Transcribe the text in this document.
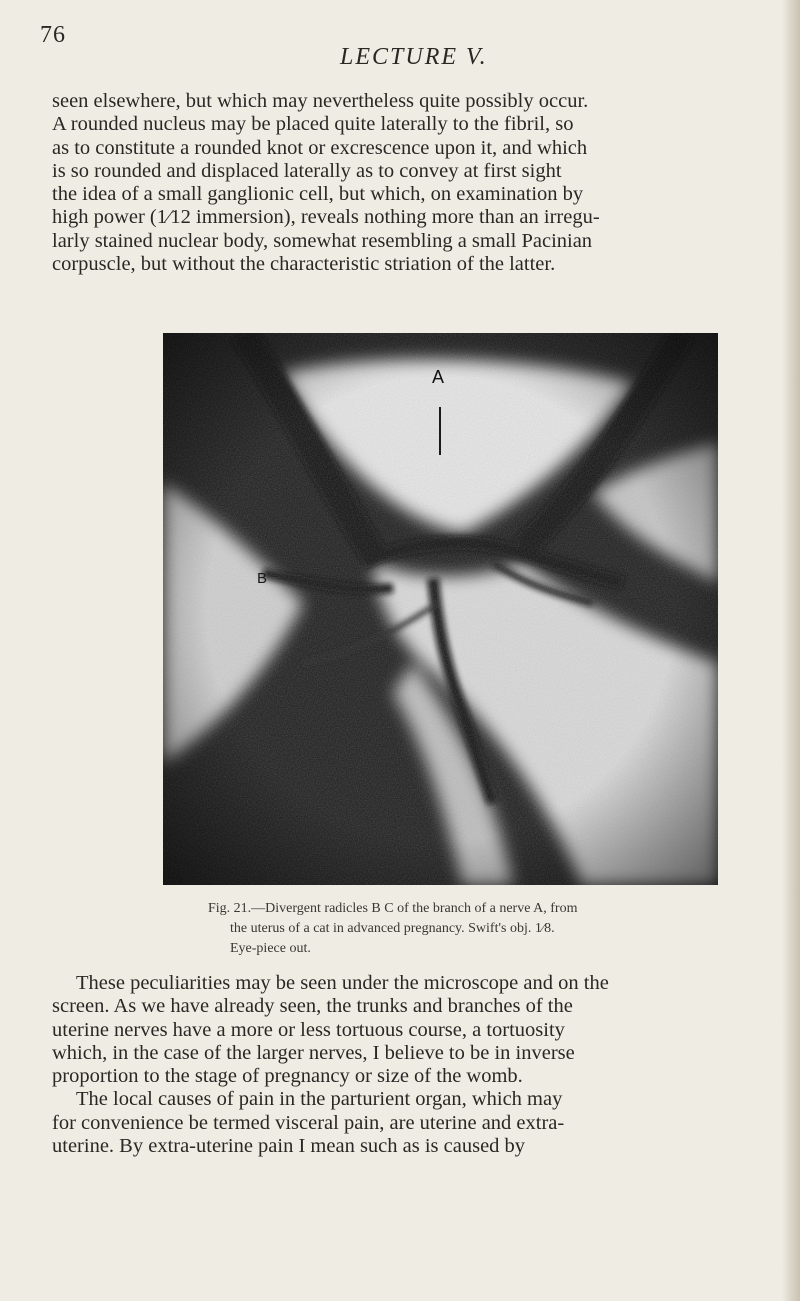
76
LECTURE V.
seen elsewhere, but which may nevertheless quite possibly occur.
A rounded nucleus may be placed quite laterally to the fibril, so
as to constitute a rounded knot or excrescence upon it, and which
is so rounded and displaced laterally as to convey at first sight
the idea of a small ganglionic cell, but which, on examination by
high power (1⁄12 immersion), reveals nothing more than an irregu-
larly stained nuclear body, somewhat resembling a small Pacinian
corpuscle, but without the characteristic striation of the latter.
A
B
Fig. 21.—Divergent radicles B C of the branch of a nerve A, from
the uterus of a cat in advanced pregnancy. Swift's obj. 1⁄8.
Eye-piece out.
These peculiarities may be seen under the microscope and on the
screen. As we have already seen, the trunks and branches of the
uterine nerves have a more or less tortuous course, a tortuosity
which, in the case of the larger nerves, I believe to be in inverse
proportion to the stage of pregnancy or size of the womb.
The local causes of pain in the parturient organ, which may
for convenience be termed visceral pain, are uterine and extra-
uterine. By extra-uterine pain I mean such as is caused by
